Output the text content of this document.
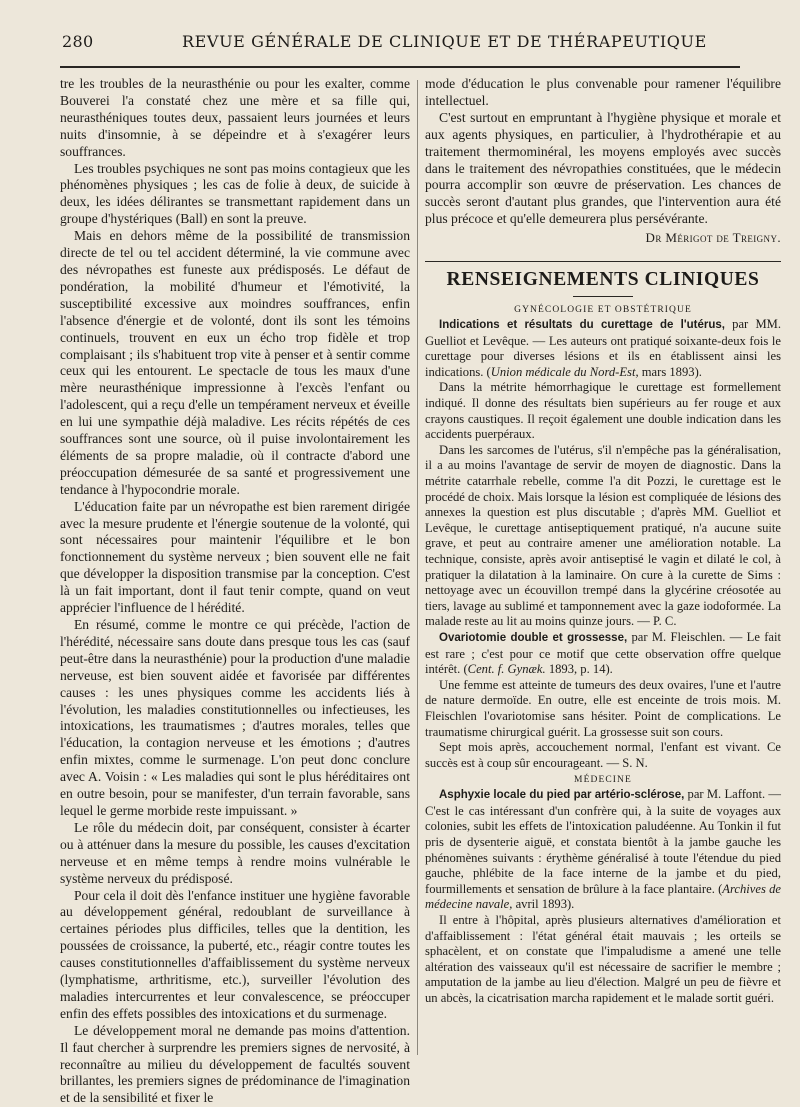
280	REVUE GÉNÉRALE DE CLINIQUE ET DE THÉRAPEUTIQUE

tre les troubles de la neurasthénie ou pour les exalter, comme Bouverei l'a constaté chez une mère et sa fille qui, neurasthéniques toutes deux, passaient leurs journées et leurs nuits d'insomnie, à se dépeindre et à s'exagérer leurs souffrances.

Les troubles psychiques ne sont pas moins contagieux que les phénomènes physiques ; les cas de folie à deux, de suicide à deux, les idées délirantes se transmettant rapidement dans un groupe d'hystériques (Ball) en sont la preuve.

Mais en dehors même de la possibilité de transmission directe de tel ou tel accident déterminé, la vie commune avec des névropathes est funeste aux prédisposés. Le défaut de pondération, la mobilité d'humeur et l'émotivité, la susceptibilité excessive aux moindres souffrances, enfin l'absence d'énergie et de volonté, dont ils sont les témoins continuels, trouvent en eux un écho trop fidèle et trop complaisant ; ils s'habituent trop vite à penser et à sentir comme ceux qui les entourent. Le spectacle de tous les maux d'une mère neurasthénique impressionne à l'excès l'enfant ou l'adolescent, qui a reçu d'elle un tempérament nerveux et éveille en lui une sympathie déjà maladive. Les récits répétés de ces souffrances sont une source, où il puise involontairement les éléments de sa propre maladie, où il contracte d'abord une préoccupation démesurée de sa santé et progressivement une tendance à l'hypocondrie morale.

L'éducation faite par un névropathe est bien rarement dirigée avec la mesure prudente et l'énergie soutenue de la volonté, qui sont nécessaires pour maintenir l'équilibre et le bon fonctionnement du système nerveux ; bien souvent elle ne fait que développer la disposition transmise par la conception. C'est là un fait important, dont il faut tenir compte, quand on veut apprécier l'influence de l hérédité.

En résumé, comme le montre ce qui précède, l'action de l'hérédité, nécessaire sans doute dans presque tous les cas (sauf peut-être dans la neurasthénie) pour la production d'une maladie nerveuse, est bien souvent aidée et favorisée par différentes causes : les unes physiques comme les accidents liés à l'évolution, les maladies constitutionnelles ou infectieuses, les intoxications, les traumatismes ; d'autres morales, telles que l'éducation, la contagion nerveuse et les émotions ; d'autres enfin mixtes, comme le surmenage. L'on peut donc conclure avec A. Voisin : « Les maladies qui sont le plus héréditaires ont en outre besoin, pour se manifester, d'un terrain favorable, sans lequel le germe morbide reste impuissant. »

Le rôle du médecin doit, par conséquent, consister à écarter ou à atténuer dans la mesure du possible, les causes d'excitation nerveuse et en même temps à rendre moins vulnérable le système nerveux du prédisposé.

Pour cela il doit dès l'enfance instituer une hygiène favorable au développement général, redoublant de surveillance à certaines périodes plus difficiles, telles que la dentition, les poussées de croissance, la puberté, etc., réagir contre toutes les causes constitutionnelles d'affaiblissement du système nerveux (lymphatisme, arthritisme, etc.), surveiller l'évolution des maladies intercurrentes et leur convalescence, se préoccuper enfin des effets possibles des intoxications et du surmenage.

Le développement moral ne demande pas moins d'attention. Il faut chercher à surprendre les premiers signes de nervosité, à reconnaître au milieu du développement de facultés souvent brillantes, les premiers signes de prédominance de l'imagination et de la sensibilité et fixer le

mode d'éducation le plus convenable pour ramener l'équilibre intellectuel.

C'est surtout en empruntant à l'hygiène physique et morale et aux agents physiques, en particulier, à l'hydrothérapie et au traitement thermominéral, les moyens employés avec succès dans le traitement des névropathies constituées, que le médecin pourra accomplir son œuvre de préservation. Les chances de succès seront d'autant plus grandes, que l'intervention aura été plus précoce et qu'elle demeurera plus persévérante.

Dr Mérigot de Treigny.
RENSEIGNEMENTS CLINIQUES
GYNÉCOLOGIE ET OBSTÉTRIQUE

Indications et résultats du curettage de l'utérus, par MM. Guelliot et Levêque. — Les auteurs ont pratiqué soixante-deux fois le curettage pour diverses lésions et ils en établissent ainsi les indications. (Union médicale du Nord-Est, mars 1893).

Dans la métrite hémorrhagique le curettage est formellement indiqué. Il donne des résultats bien supérieurs au fer rouge et aux crayons caustiques. Il reçoit également une double indication dans les accidents puerpéraux.

Dans les sarcomes de l'utérus, s'il n'empêche pas la généralisation, il a au moins l'avantage de servir de moyen de diagnostic. Dans la métrite catarrhale rebelle, comme l'a dit Pozzi, le curettage est le procédé de choix. Mais lorsque la lésion est compliquée de lésions des annexes la question est plus discutable ; d'après MM. Guelliot et Levêque, le curettage antiseptiquement pratiqué, n'a aucune suite grave, et peut au contraire amener une amélioration notable. La technique, consiste, après avoir antiseptisé le vagin et dilaté le col, à pratiquer la dilatation à la laminaire. On cure à la curette de Sims : nettoyage avec un écouvillon trempé dans la glycérine créosotée au tiers, lavage au sublimé et tamponnement avec la gaze iodoformée. La malade reste au lit au moins quinze jours. — P. C.

Ovariotomie double et grossesse, par M. Fleischlen. — Le fait est rare ; c'est pour ce motif que cette observation offre quelque intérêt. (Cent. f. Gynæk. 1893, p. 14).

Une femme est atteinte de tumeurs des deux ovaires, l'une et l'autre de nature dermoïde. En outre, elle est enceinte de trois mois. M. Fleischlen l'ovariotomise sans hésiter. Point de complications. Le traumatisme chirurgical guérit. La grossesse suit son cours.

Sept mois après, accouchement normal, l'enfant est vivant. Ce succès est à coup sûr encourageant. — S. N.

MÉDECINE

Asphyxie locale du pied par artério-sclérose, par M. Laffont. — C'est le cas intéressant d'un confrère qui, à la suite de voyages aux colonies, subit les effets de l'intoxication paludéenne. Au Tonkin il fut pris de dysenterie aiguë, et constata bientôt à la jambe gauche les phénomènes suivants : érythème généralisé à toute l'étendue du pied gauche, phlébite de la face interne de la jambe et du pied, fourmillements et sensation de brûlure à la face plantaire. (Archives de médecine navale, avril 1893).

Il entre à l'hôpital, après plusieurs alternatives d'amélioration et d'affaiblissement : l'état général était mauvais ; les orteils se sphacèlent, et on constate que l'impaludisme a amené une telle altération des vaisseaux qu'il est nécessaire de sacrifier le membre ; amputation de la jambe au lieu d'élection. Malgré un peu de fièvre et un abcès, la cicatrisation marcha rapidement et le malade sortit guéri.
